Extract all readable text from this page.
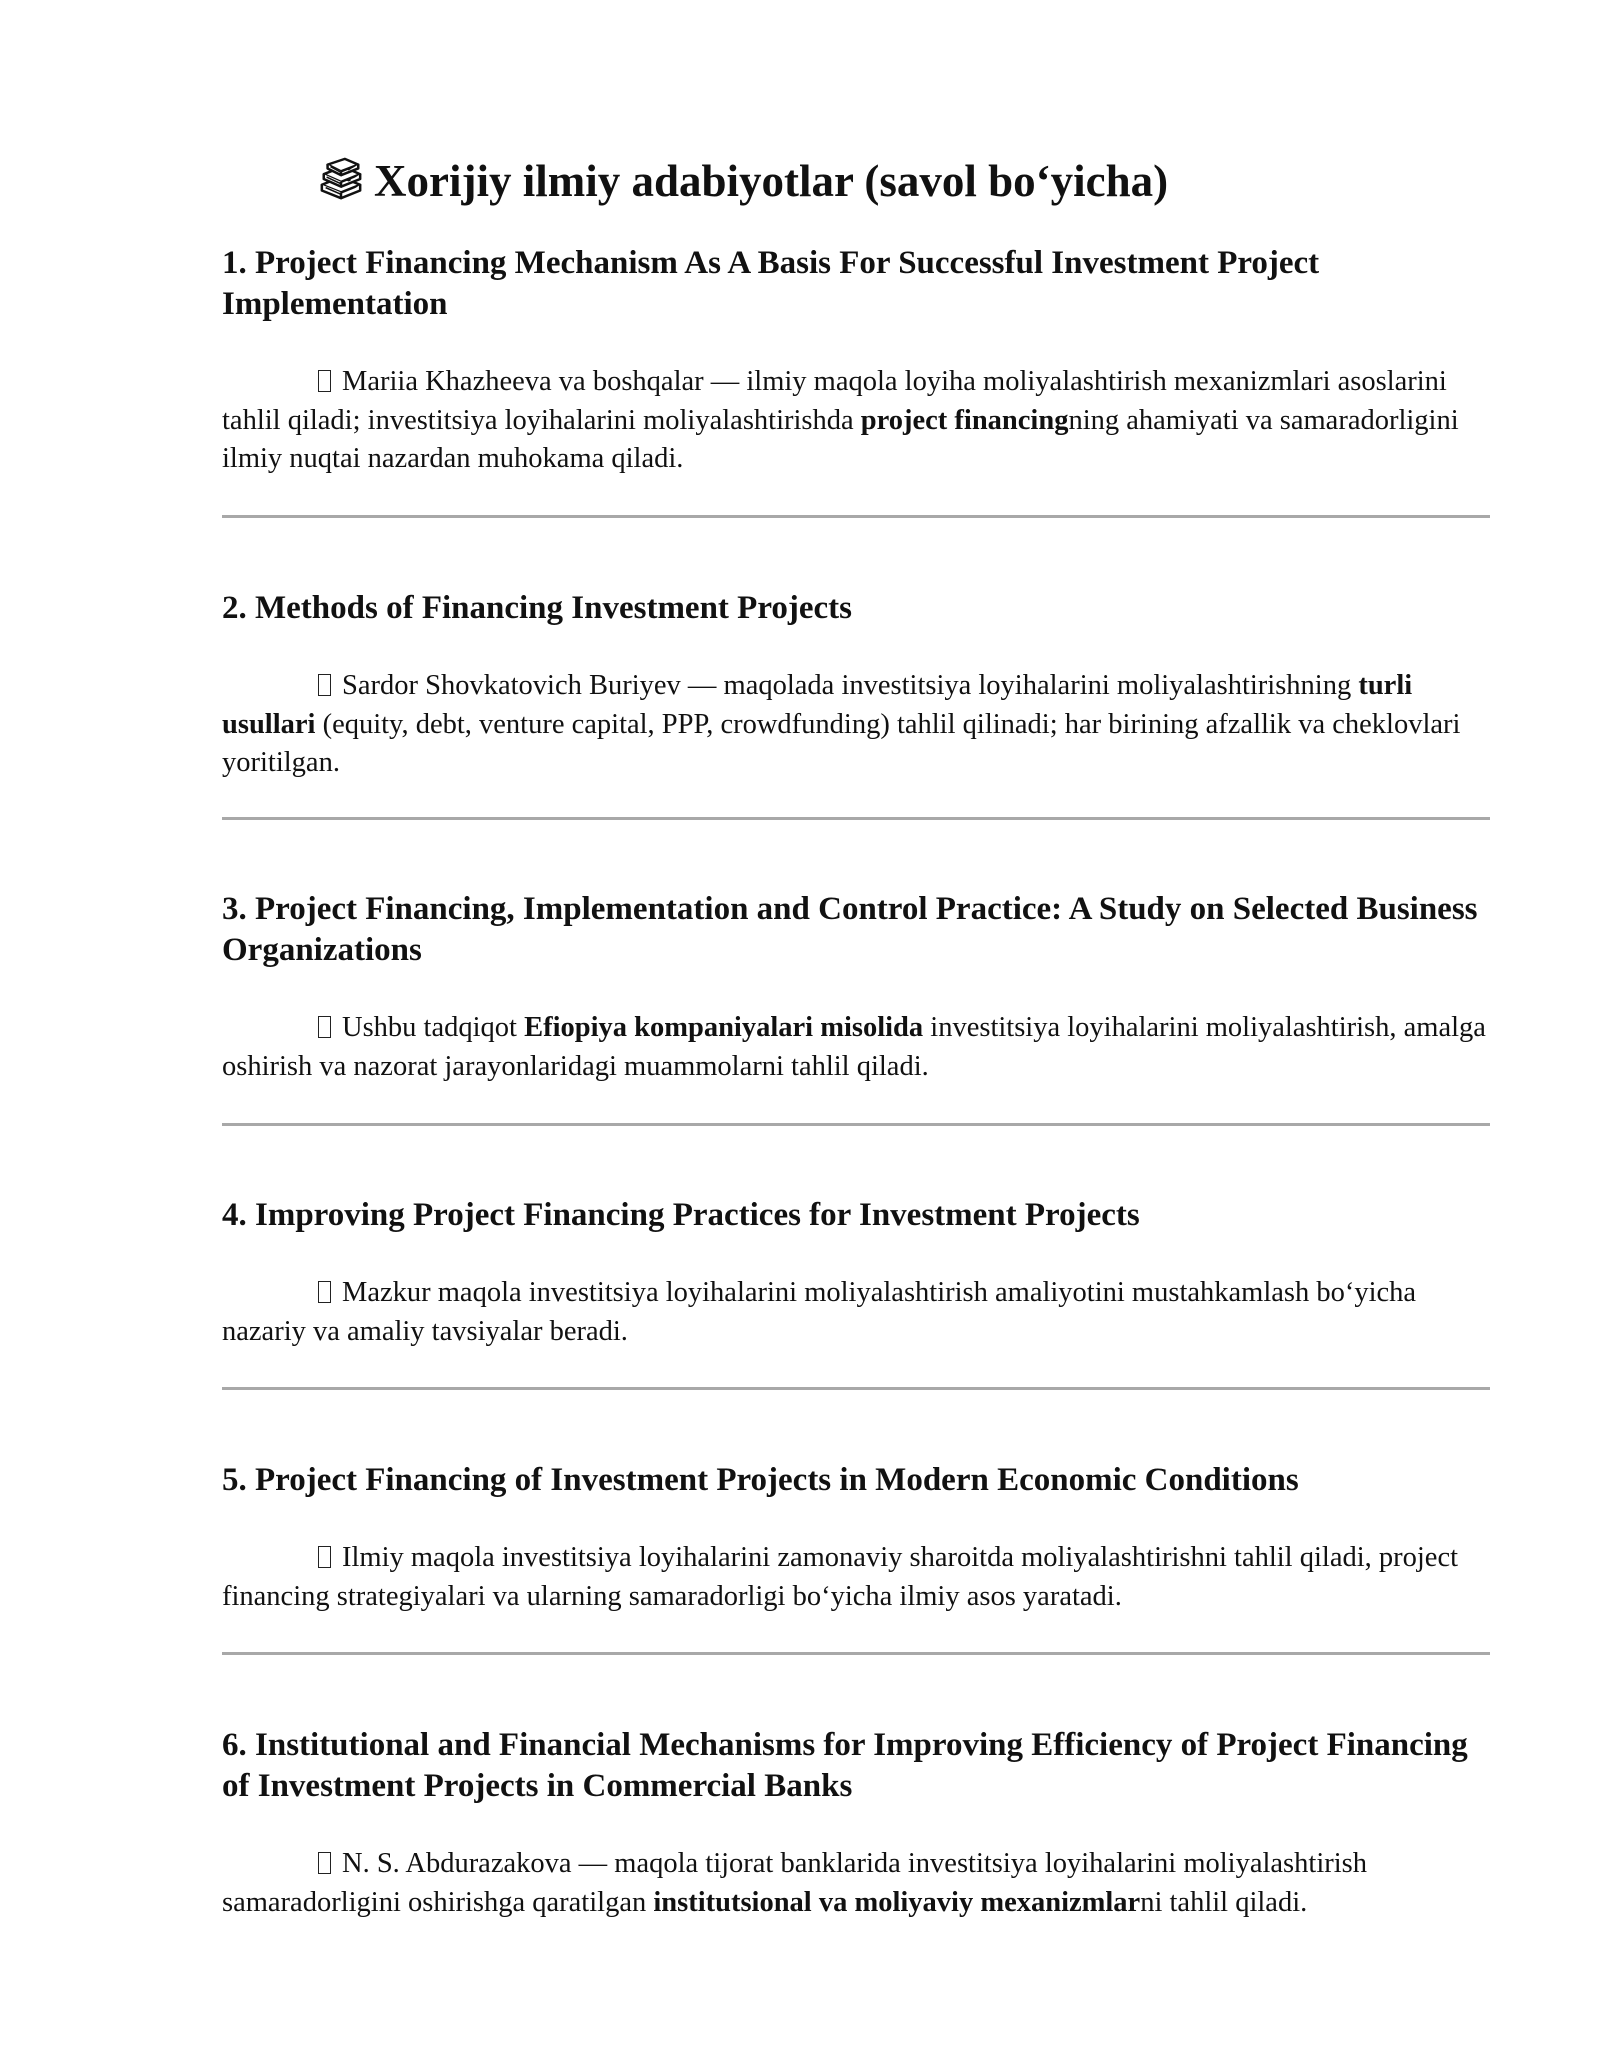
Xorijiy ilmiy adabiyotlar (savol bo‘yicha)
1. Project Financing Mechanism As A Basis For Successful Investment Project Implementation

Mariia Khazheeva va boshqalar — ilmiy maqola loyiha moliyalashtirish mexanizmlari asoslarini tahlil qiladi; investitsiya loyihalarini moliyalashtirishda project financingning ahamiyati va samaradorligini ilmiy nuqtai nazardan muhokama qiladi.

2. Methods of Financing Investment Projects

Sardor Shovkatovich Buriyev — maqolada investitsiya loyihalarini moliyalashtirishning turli usullari (equity, debt, venture capital, PPP, crowdfunding) tahlil qilinadi; har birining afzallik va cheklovlari yoritilgan.

3. Project Financing, Implementation and Control Practice: A Study on Selected Business Organizations

Ushbu tadqiqot Efiopiya kompaniyalari misolida investitsiya loyihalarini moliyalashtirish, amalga oshirish va nazorat jarayonlaridagi muammolarni tahlil qiladi.

4. Improving Project Financing Practices for Investment Projects

Mazkur maqola investitsiya loyihalarini moliyalashtirish amaliyotini mustahkamlash bo‘yicha nazariy va amaliy tavsiyalar beradi.

5. Project Financing of Investment Projects in Modern Economic Conditions

Ilmiy maqola investitsiya loyihalarini zamonaviy sharoitda moliyalashtirishni tahlil qiladi, project financing strategiyalari va ularning samaradorligi bo‘yicha ilmiy asos yaratadi.

6. Institutional and Financial Mechanisms for Improving Efficiency of Project Financing of Investment Projects in Commercial Banks

N. S. Abdurazakova — maqola tijorat banklarida investitsiya loyihalarini moliyalashtirish samaradorligini oshirishga qaratilgan institutsional va moliyaviy mexanizmlarni tahlil qiladi.
